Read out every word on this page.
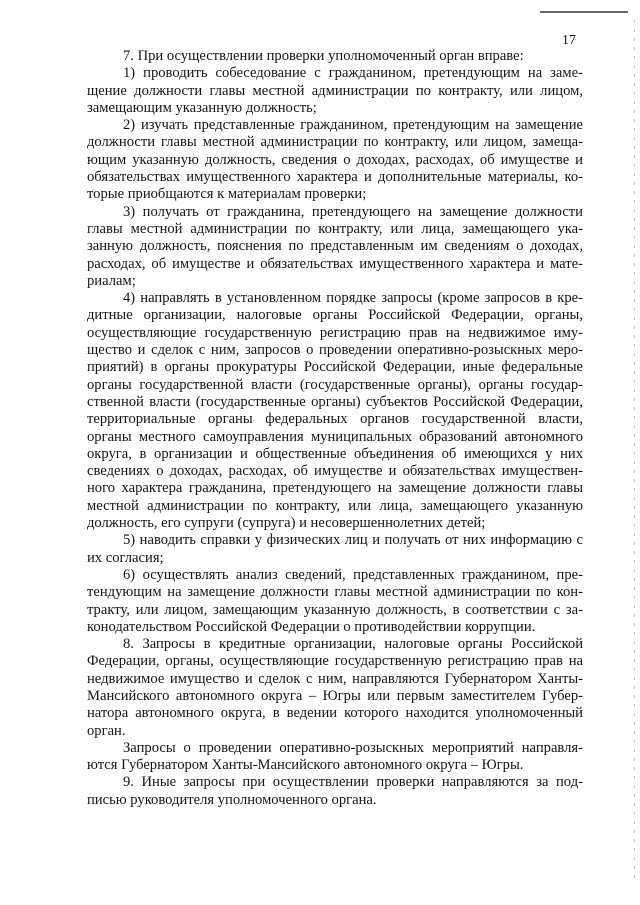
17

7. При осуществлении проверки уполномоченный орган вправе:

1) проводить собеседование с гражданином, претендующим на замещение должности главы местной администрации по контракту, или лицом, замещающим указанную должность;

2) изучать представленные гражданином, претендующим на замещение должности главы местной администрации по контракту, или лицом, замещающим указанную должность, сведения о доходах, расходах, об имуществе и обязательствах имущественного характера и дополнительные материалы, которые приобщаются к материалам проверки;

3) получать от гражданина, претендующего на замещение должности главы местной администрации по контракту, или лица, замещающего указанную должность, пояснения по представленным им сведениям о доходах, расходах, об имуществе и обязательствах имущественного характера и материалам;

4) направлять в установленном порядке запросы (кроме запросов в кредитные организации, налоговые органы Российской Федерации, органы, осуществляющие государственную регистрацию прав на недвижимое имущество и сделок с ним, запросов о проведении оперативно-розыскных мероприятий) в органы прокуратуры Российской Федерации, иные федеральные органы государственной власти (государственные органы), органы государственной власти (государственные органы) субъектов Российской Федерации, территориальные органы федеральных органов государственной власти, органы местного самоуправления муниципальных образований автономного округа, в организации и общественные объединения об имеющихся у них сведениях о доходах, расходах, об имуществе и обязательствах имущественного характера гражданина, претендующего на замещение должности главы местной администрации по контракту, или лица, замещающего указанную должность, его супруги (супруга) и несовершеннолетних детей;

5) наводить справки у физических лиц и получать от них информацию с их согласия;

6) осуществлять анализ сведений, представленных гражданином, претендующим на замещение должности главы местной администрации по контракту, или лицом, замещающим указанную должность, в соответствии с законодательством Российской Федерации о противодействии коррупции.

8. Запросы в кредитные организации, налоговые органы Российской Федерации, органы, осуществляющие государственную регистрацию прав на недвижимое имущество и сделок с ним, направляются Губернатором Ханты-Мансийского автономного округа – Югры или первым заместителем Губернатора автономного округа, в ведении которого находится уполномоченный орган.

Запросы о проведении оперативно-розыскных мероприятий направляются Губернатором Ханты-Мансийского автономного округа – Югры.

9. Иные запросы при осуществлении проверки направляются за подписью руководителя уполномоченного органа.
